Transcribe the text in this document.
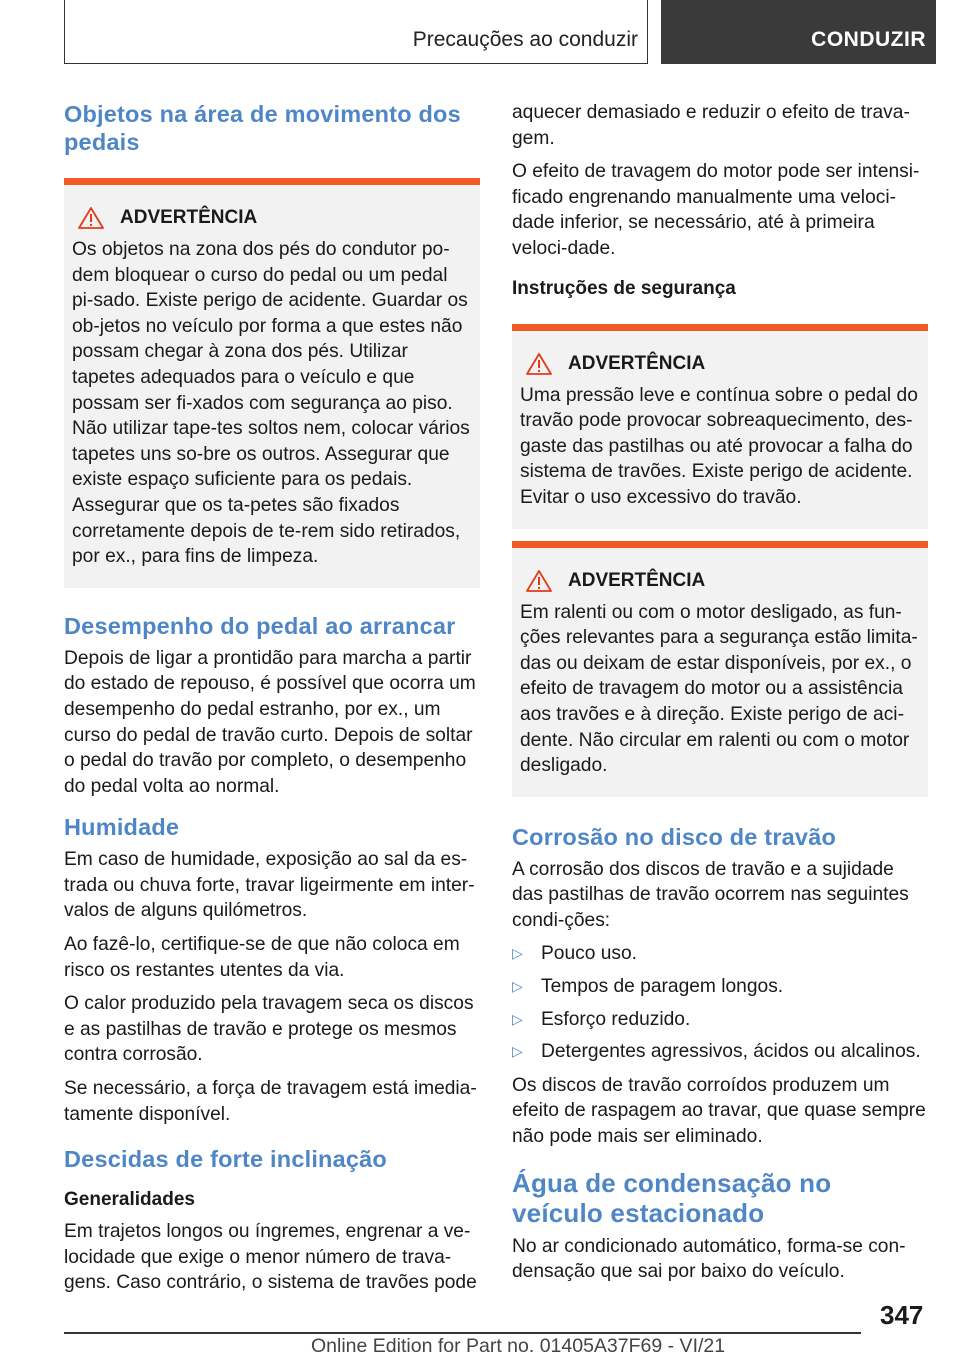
Precauções ao conduzir	CONDUZIR
Objetos na área de movimento dos pedais
ADVERTÊNCIA

Os objetos na zona dos pés do condutor po-dem bloquear o curso do pedal ou um pedal pi-sado. Existe perigo de acidente. Guardar os ob-jetos no veículo por forma a que estes não possam chegar à zona dos pés. Utilizar tapetes adequados para o veículo e que possam ser fi-xados com segurança ao piso. Não utilizar tape-tes soltos nem, colocar vários tapetes uns so-bre os outros. Assegurar que existe espaço suficiente para os pedais. Assegurar que os ta-petes são fixados corretamente depois de te-rem sido retirados, por ex., para fins de limpeza.

Desempenho do pedal ao arrancar

Depois de ligar a prontidão para marcha a partir do estado de repouso, é possível que ocorra um desempenho do pedal estranho, por ex., um curso do pedal de travão curto. Depois de soltar o pedal do travão por completo, o desempenho do pedal volta ao normal.

Humidade

Em caso de humidade, exposição ao sal da es-trada ou chuva forte, travar ligeirmente em inter-valos de alguns quilómetros.

Ao fazê-lo, certifique-se de que não coloca em risco os restantes utentes da via.

O calor produzido pela travagem seca os discos e as pastilhas de travão e protege os mesmos contra corrosão.

Se necessário, a força de travagem está imedia-tamente disponível.

Descidas de forte inclinação
Generalidades

Em trajetos longos ou íngremes, engrenar a ve-locidade que exige o menor número de trava-gens. Caso contrário, o sistema de travões pode

aquecer demasiado e reduzir o efeito de trava-gem.

O efeito de travagem do motor pode ser intensi-ficado engrenando manualmente uma veloci-dade inferior, se necessário, até à primeira veloci-dade.

Instruções de segurança
ADVERTÊNCIA

Uma pressão leve e contínua sobre o pedal do travão pode provocar sobreaquecimento, des-gaste das pastilhas ou até provocar a falha do sistema de travões. Existe perigo de acidente. Evitar o uso excessivo do travão.

ADVERTÊNCIA

Em ralenti ou com o motor desligado, as fun-ções relevantes para a segurança estão limita-das ou deixam de estar disponíveis, por ex., o efeito de travagem do motor ou a assistência aos travões e à direção. Existe perigo de aci-dente. Não circular em ralenti ou com o motor desligado.

Corrosão no disco de travão

A corrosão dos discos de travão e a sujidade das pastilhas de travão ocorrem nas seguintes condi-ções:

▷ Pouco uso.
▷ Tempos de paragem longos.
▷ Esforço reduzido.
▷ Detergentes agressivos, ácidos ou alcalinos.

Os discos de travão corroídos produzem um efeito de raspagem ao travar, que quase sempre não pode mais ser eliminado.

Água de condensação no veículo estacionado

No ar condicionado automático, forma-se con-densação que sai por baixo do veículo.

347
Online Edition for Part no. 01405A37F69 - VI/21
